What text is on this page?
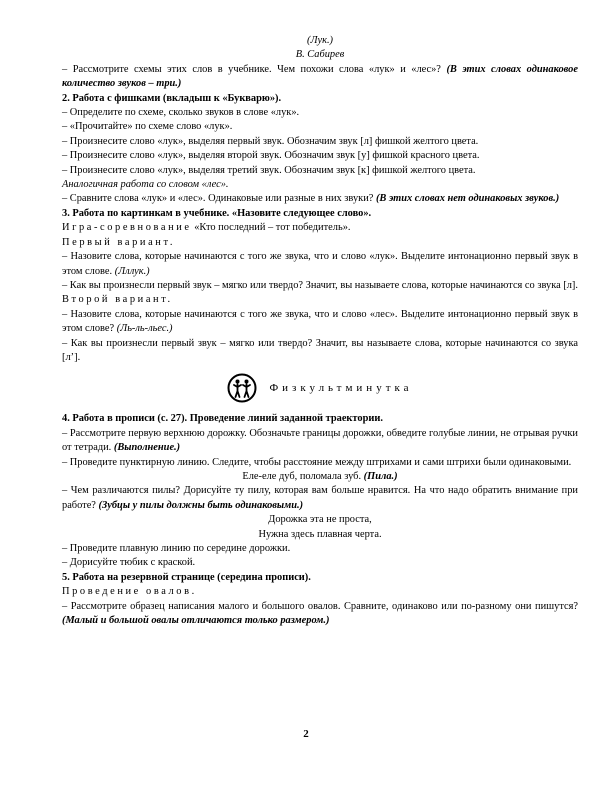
(Лук.)

В. Сабирев

– Рассмотрите схемы этих слов в учебнике. Чем похожи слова «лук» и «лес»? (В этих словах одинаковое количество звуков – три.)

2. Работа с фишками (вкладыш к «Букварю»).

– Определите по схеме, сколько звуков в слове «лук».

– «Прочитайте» по схеме слово «лук».

– Произнесите слово «лук», выделяя первый звук. Обозначим звук [л] фишкой желтого цвета.

– Произнесите слово «лук», выделяя второй звук. Обозначим звук [у] фишкой красного цвета.

– Произнесите слово «лук», выделяя третий звук. Обозначим звук [к] фишкой желтого цвета.

Аналогичная работа со словом «лес».

– Сравните слова «лук» и «лес». Одинаковые или разные в них звуки? (В этих словах нет одинаковых звуков.)

3. Работа по картинкам в учебнике. «Назовите следующее слово».

Игра-соревнование «Кто последний – тот победитель».

Первый вариант.

– Назовите слова, которые начинаются с того же звука, что и слово «лук». Выделите интонационно первый звук в этом слове. (Лллук.)

– Как вы произнесли первый звук – мягко или твердо? Значит, вы называете слова, которые начинаются со звука [л].

Второй вариант.

– Назовите слова, которые начинаются с того же звука, что и слово «лес». Выделите интонационно первый звук в этом слове? (Ль-ль-льес.)

– Как вы произнесли первый звук – мягко или твердо? Значит, вы называете слова, которые начинаются со звука [л’].

Физкультминутка

4. Работа в прописи (с. 27). Проведение линий заданной траектории.

– Рассмотрите первую верхнюю дорожку. Обозначьте границы дорожки, обведите голубые линии, не отрывая ручки от тетради. (Выполнение.)

– Проведите пунктирную линию. Следите, чтобы расстояние между штрихами и сами штрихи были одинаковыми.

Еле-еле дуб, поломала зуб. (Пила.)

– Чем различаются пилы? Дорисуйте ту пилу, которая вам больше нравится. На что надо обратить внимание при работе? (Зубцы у пилы должны быть одинаковыми.)

Дорожка эта не проста,

Нужна здесь плавная черта.

– Проведите плавную линию по середине дорожки.

– Дорисуйте тюбик с краской.

5. Работа на резервной странице (середина прописи).

Проведение овалов.

– Рассмотрите образец написания малого и большого овалов. Сравните, одинаково или по-разному они пишутся? (Малый и большой овалы отличаются только размером.)

2
